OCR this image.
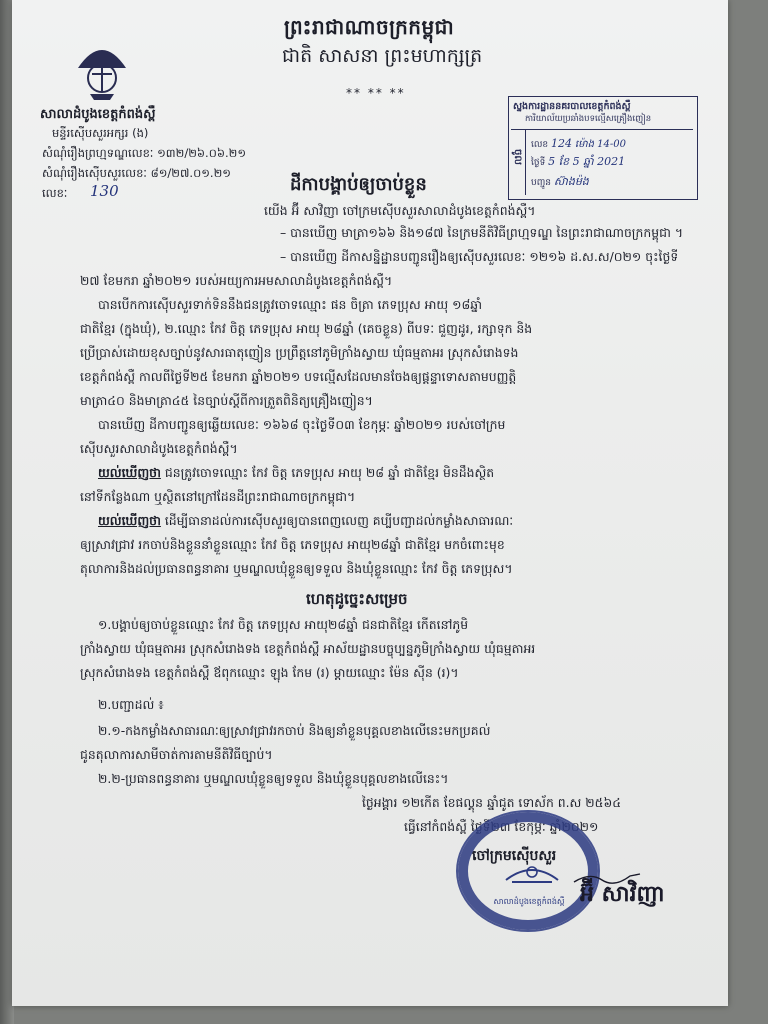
ព្រះរាជាណាចក្រកម្ពុជា
ជាតិ សាសនា ព្រះមហាក្សត្រ
** ** **
សាលាដំបូងខេត្តកំពង់ស្ពឺ
មន្ទីរស៊ើបសួរអក្សរ (ង)
សំណុំរឿងព្រហ្មទណ្ឌលេខៈ ១៣២/២៦.០៦.២១
សំណុំរឿងស៊ើបសួរលេខៈ ៨១/២៧.០១.២១
លេខៈ 130
ស្នងការដ្ឋាននគរបាលខេត្តកំពង់ស្ពឺ
ការិយាល័យប្រឆាំងបទល្មើសគ្រឿងញៀន
ចូល
លេខ 124 ម៉ោង 14-00
ថ្ងៃទី 5 ខែ 5 ឆ្នាំ 2021
បញ្ជូន ស៊ាងម៉ង
ដីកាបង្គាប់ឲ្យចាប់ខ្លួន
យើង អ៊ី សាវិញា ចៅក្រមស៊ើបសួរសាលាដំបូងខេត្តកំពង់ស្ពឺ។
– បានឃើញ មាត្រា១៦៦ និង១៨៧ នៃក្រមនីតិវិធីព្រហ្មទណ្ឌ នៃព្រះរាជាណាចក្រកម្ពុជា ។
– បានឃើញ ដីកាសន្និដ្ឋានបញ្ជូនរឿងឲ្យស៊ើបសួរលេខៈ ១២១៦ ដ.ស.ស/០២១ ចុះថ្ងៃទី
២៧ ខែមករា ឆ្នាំ២០២១ របស់អយ្យការអមសាលាដំបូងខេត្តកំពង់ស្ពឺ។
បានបើកការស៊ើបសួរទាក់ទិននឹងជនត្រូវចោទឈ្មោះ ផន ចិត្រា ភេទប្រុស អាយុ ១៨ឆ្នាំ
ជាតិខ្មែរ (ក្នុងឃុំ), ២.ឈ្មោះ កែវ ចិត្ត ភេទប្រុស អាយុ ២៨ឆ្នាំ (គេចខ្លួន) ពីបទៈ ជួញដូរ, រក្សាទុក និង
ប្រើប្រាស់ដោយខុសច្បាប់នូវសារធាតុញៀន ប្រព្រឹត្តនៅភូមិក្រាំងស្វាយ ឃុំធម្មតាអរ ស្រុកសំរោងទង
ខេត្តកំពង់ស្ពឺ កាលពីថ្ងៃទី២៥ ខែមករា ឆ្នាំ២០២១ បទល្មើសដែលមានចែងឲ្យផ្តន្ទាទោសតាមបញ្ញត្តិ
មាត្រា៤០ និងមាត្រា៤៥ នៃច្បាប់ស្តីពីការត្រួតពិនិត្យគ្រឿងញៀន។
បានឃើញ ដីកាបញ្ជូនឲ្យឆ្លើយលេខៈ ១៦៦៨ ចុះថ្ងៃទី០៣ ខែកុម្ភៈ ឆ្នាំ២០២១ របស់ចៅក្រម
ស៊ើបសួរសាលាដំបូងខេត្តកំពង់ស្ពឺ។
យល់ឃើញថា ជនត្រូវចោទឈ្មោះ កែវ ចិត្ត ភេទប្រុស អាយុ ២៨ ឆ្នាំ ជាតិខ្មែរ មិនដឹងស្ថិត
នៅទីកន្លែងណា ឬស្ថិតនៅក្រៅដែនដីព្រះរាជាណាចក្រកម្ពុជា។
យល់ឃើញថា ដើម្បីធានាដល់ការស៊ើបសួរឲ្យបានពេញលេញ គប្បីបញ្ជាដល់កម្លាំងសាធារណៈ
ឲ្យស្រាវជ្រាវ រកចាប់និងខ្លួននាំខ្លួនឈ្មោះ កែវ ចិត្ត ភេទប្រុស អាយុ២៨ឆ្នាំ ជាតិខ្មែរ មកចំពោះមុខ
តុលាការនិងដល់ប្រធានពន្ធនាគារ ឬមណ្ឌលឃុំខ្លួនឲ្យទទួល និងឃុំខ្លួនឈ្មោះ កែវ ចិត្ត ភេទប្រុស។
ហេតុដូច្នេះសម្រេច
១.បង្គាប់ឲ្យចាប់ខ្លួនឈ្មោះ កែវ ចិត្ត ភេទប្រុស អាយុ២៨ឆ្នាំ ជនជាតិខ្មែរ កើតនៅភូមិ
ក្រាំងស្វាយ ឃុំធម្មតាអរ ស្រុកសំរោងទង ខេត្តកំពង់ស្ពឺ អាស័យដ្ឋានបច្ចុប្បន្នភូមិក្រាំងស្វាយ ឃុំធម្មតាអរ
ស្រុកសំរោងទង ខេត្តកំពង់ស្ពឺ ឪពុកឈ្មោះ ឡុង កែម (រ) ម្តាយឈ្មោះ ម៉ែន ស៊ីន (រ)។
២.បញ្ជាដល់ ៖
២.១-កងកម្លាំងសាធារណៈឲ្យស្រាវជ្រាវរកចាប់ និងឲ្យនាំខ្លួនបុគ្គលខាងលើនេះមកប្រគល់
ជូនតុលាការសាមីចាត់ការតាមនីតិវិធីច្បាប់។
២.២-ប្រធានពន្ធនាគារ ឬមណ្ឌលឃុំខ្លួនឲ្យទទួល និងឃុំខ្លួនបុគ្គលខាងលើនេះ។
ថ្ងៃអង្គារ ១២កើត ខែផល្គុន ឆ្នាំជូត ទោស័ក ព.ស ២៥៦៤
ធ្វើនៅកំពង់ស្ពឺ ថ្ងៃទី២៣ ខែកុម្ភៈ ឆ្នាំ២០២១
ចៅក្រមស៊ើបសួរ
សាលាដំបូងខេត្តកំពង់ស្ពឺ អ៊ី សាវិញា
